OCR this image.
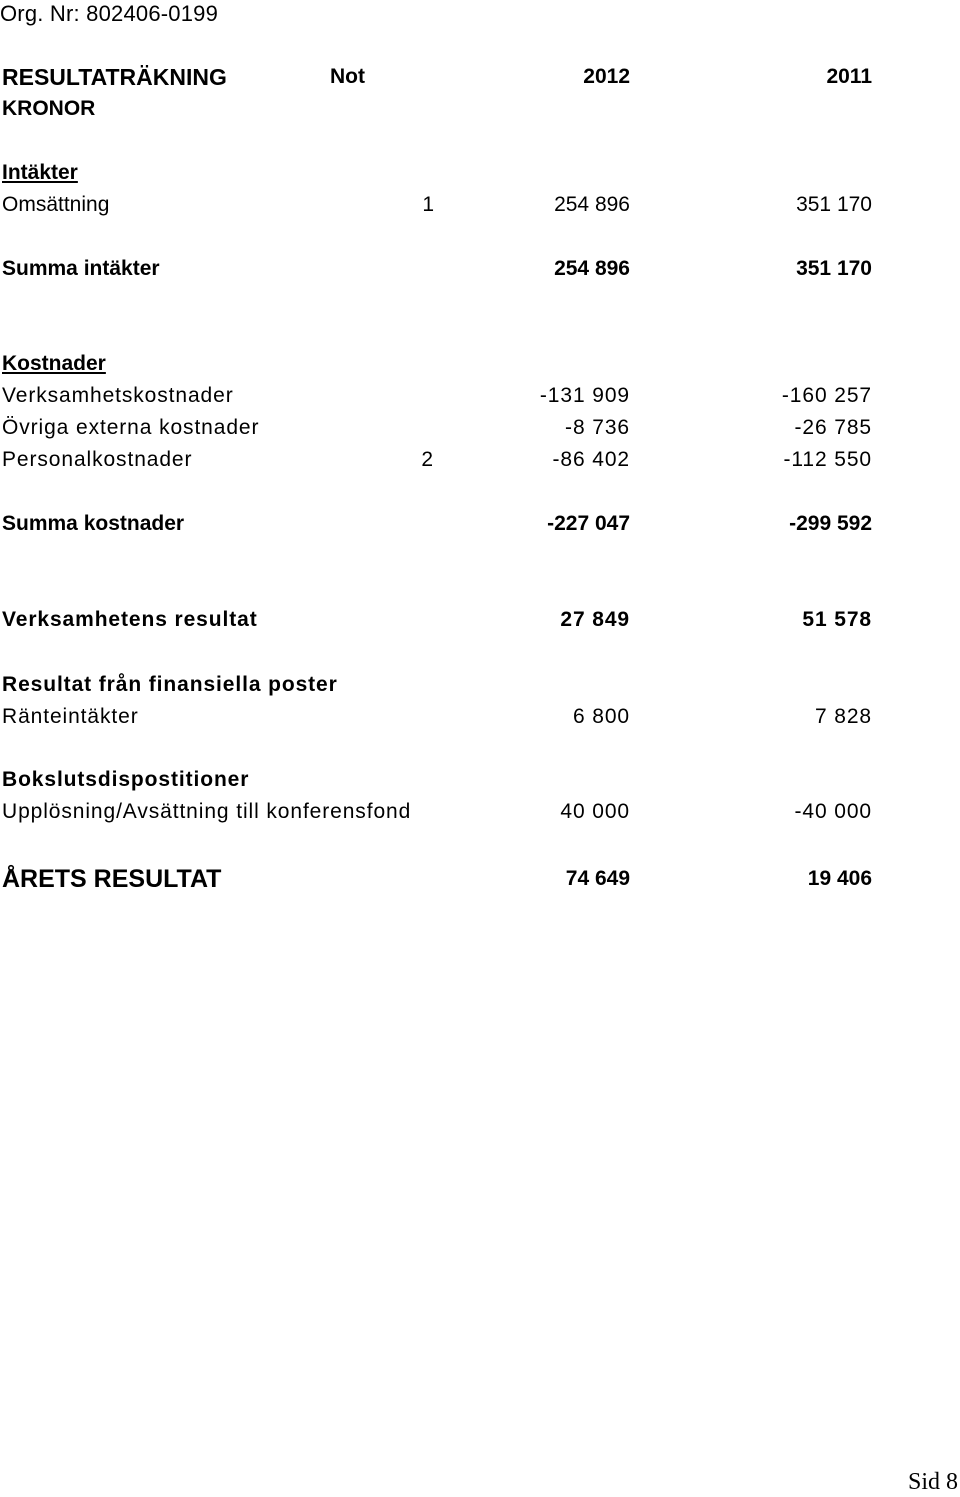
Org. Nr: 802406-0199
RESULTATRÄKNING	Not	2012	2011
KRONOR
Intäkter
Omsättning	1	254 896	351 170
Summa intäkter	254 896	351 170
Kostnader
Verksamhetskostnader	-131 909	-160 257
Övriga externa kostnader	-8 736	-26 785
Personalkostnader	2	-86 402	-112 550
Summa kostnader	-227 047	-299 592
Verksamhetens resultat	27 849	51 578
Resultat från finansiella poster
Ränteintäkter	6 800	7 828
Bokslutsdispostitioner
Upplösning/Avsättning till konferensfond	40 000	-40 000
ÅRETS RESULTAT	74 649	19 406
Sid 8
